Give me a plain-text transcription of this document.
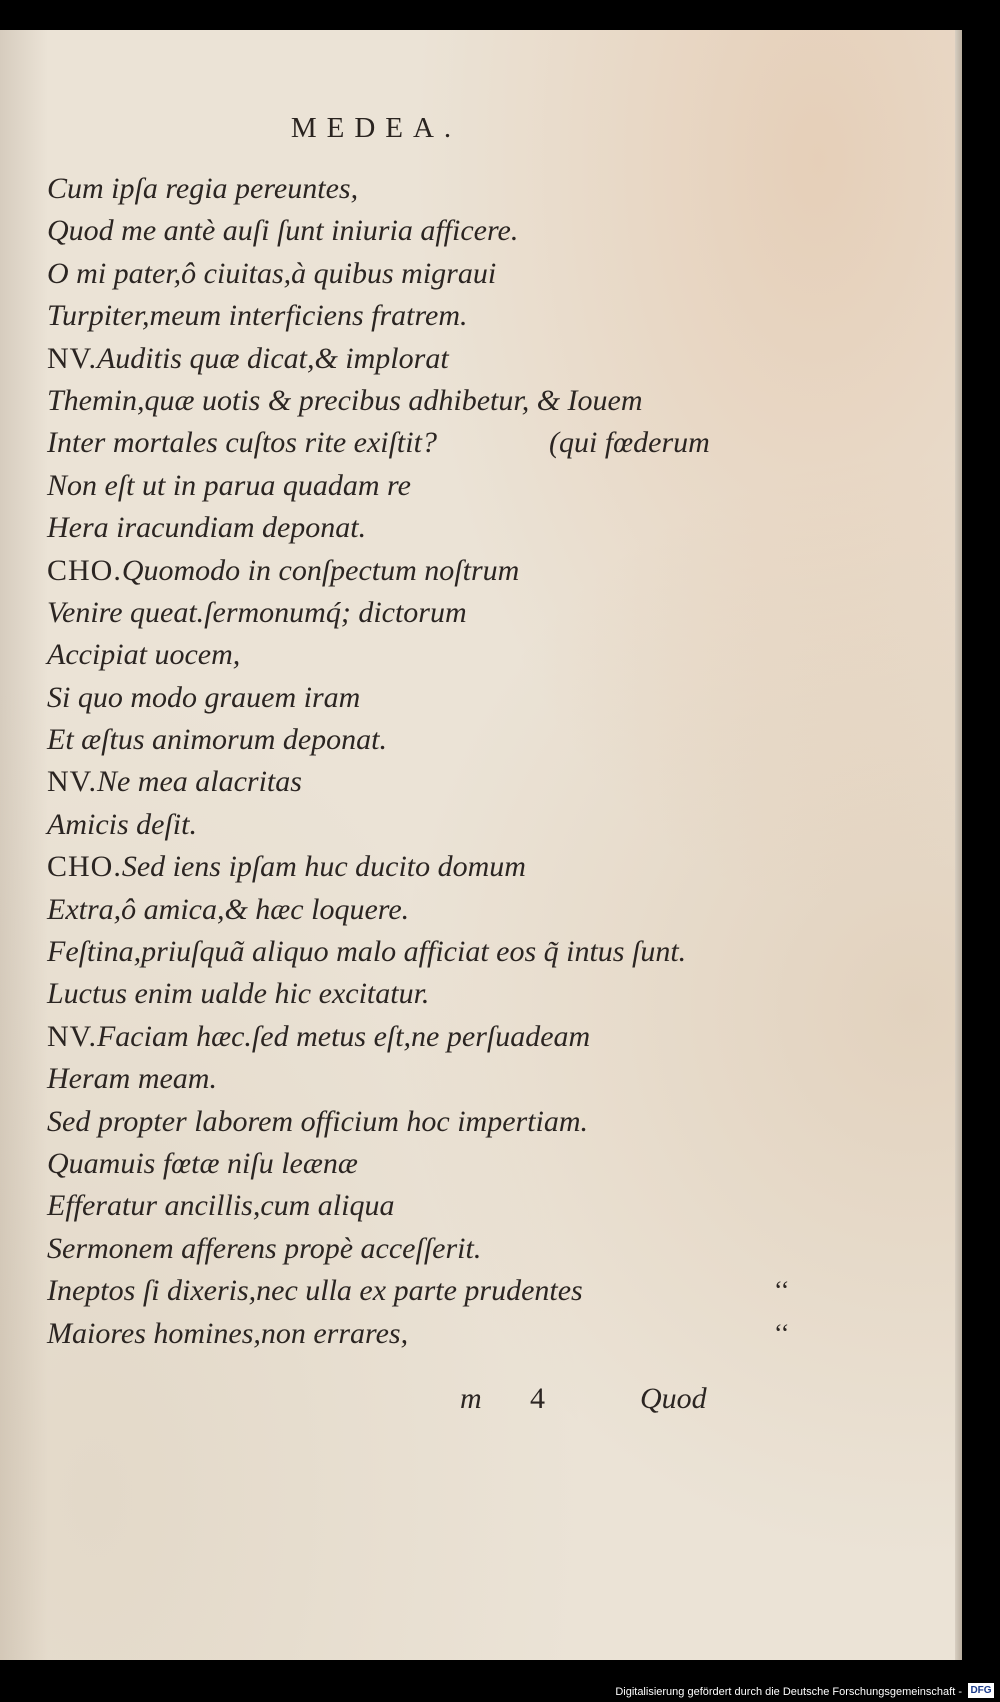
MEDEA.
Cum ipſa regia pereuntes,
Quod me antè auſi ſunt iniuria afficere.
O mi pater,ô ciuitas,à quibus migraui
Turpiter,meum interficiens fratrem.
NV.Auditis quæ dicat,& implorat
Themin,quæ uotis & precibus adhibetur, & Iouem
Inter mortales cuſtos rite exiſtit?	(qui fœderum
Non eſt ut in parua quadam re
Hera iracundiam deponat.
CHO.Quomodo in conſpectum noſtrum
Venire queat.ſermonumq́; dictorum
Accipiat uocem,
Si quo modo grauem iram
Et æſtus animorum deponat.
NV.Ne mea alacritas
Amicis deſit.
CHO.Sed iens ipſam huc ducito domum
Extra,ô amica,& hæc loquere.
Feſtina,priuſquã aliquo malo afficiat eos q̃ intus ſunt.
Luctus enim ualde hic excitatur.
NV.Faciam hæc.ſed metus eſt,ne perſuadeam
Heram meam.
Sed propter laborem officium hoc impertiam.
Quamuis fœtæ niſu leænæ
Efferatur ancillis,cum aliqua
Sermonem afferens propè acceſſerit.
Ineptos ſi dixeris,nec ulla ex parte prudentes	‘‘
Maiores homines,non errares,	‘‘
m 4	Quod
Digitalisierung gefördert durch die Deutsche Forschungsgemeinschaft - DFG
